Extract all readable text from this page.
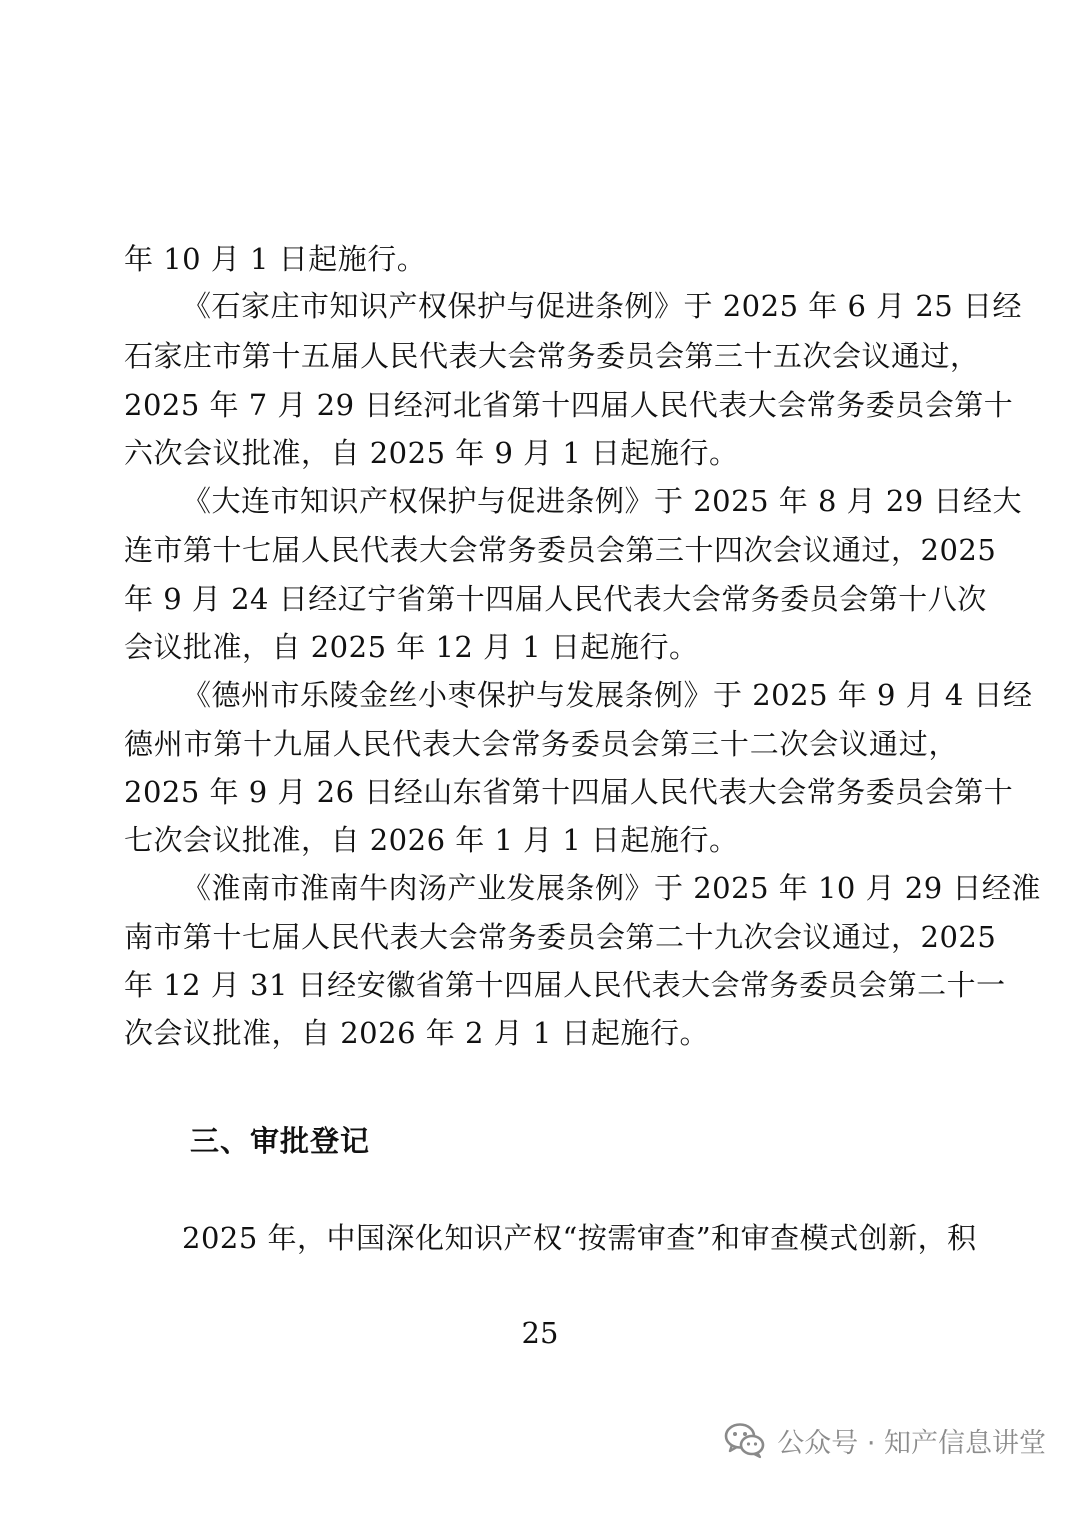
年 10 月 1 日起施行。
《石家庄市知识产权保护与促进条例》于 2025 年 6 月 25 日经
石家庄市第十五届人民代表大会常务委员会第三十五次会议通过，
2025 年 7 月 29 日经河北省第十四届人民代表大会常务委员会第十
六次会议批准，自 2025 年 9 月 1 日起施行。
《大连市知识产权保护与促进条例》于 2025 年 8 月 29 日经大
连市第十七届人民代表大会常务委员会第三十四次会议通过，2025
年 9 月 24 日经辽宁省第十四届人民代表大会常务委员会第十八次
会议批准，自 2025 年 12 月 1 日起施行。
《德州市乐陵金丝小枣保护与发展条例》于 2025 年 9 月 4 日经
德州市第十九届人民代表大会常务委员会第三十二次会议通过，
2025 年 9 月 26 日经山东省第十四届人民代表大会常务委员会第十
七次会议批准，自 2026 年 1 月 1 日起施行。
《淮南市淮南牛肉汤产业发展条例》于 2025 年 10 月 29 日经淮
南市第十七届人民代表大会常务委员会第二十九次会议通过，2025
年 12 月 31 日经安徽省第十四届人民代表大会常务委员会第二十一
次会议批准，自 2026 年 2 月 1 日起施行。
2025 年，中国深化知识产权“按需审查”和审查模式创新，积
三、审批登记
25
公众号 · 知产信息讲堂
